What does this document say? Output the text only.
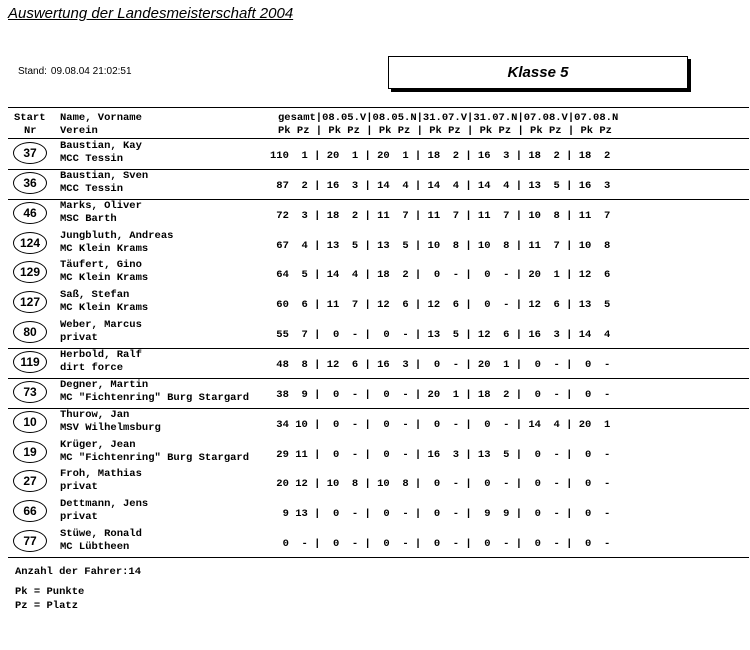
Auswertung der Landesmeisterschaft 2004
Stand: 09.08.04 21:02:51	Klasse 5
Start Name, Vorname	gesamt|08.05.V|08.05.N|31.07.V|31.07.N|07.08.V|07.08.N
Nr Verein	Pk Pz | Pk Pz | Pk Pz | Pk Pz | Pk Pz | Pk Pz | Pk Pz
37	Baustian, Kay
MCC Tessin	110  1 | 20  1 | 20  1 | 18  2 | 16  3 | 18  2 | 18  2
36	Baustian, Sven
MCC Tessin	87  2 | 16  3 | 14  4 | 14  4 | 14  4 | 13  5 | 16  3
46	Marks, Oliver
MSC Barth	72  3 | 18  2 | 11  7 | 11  7 | 11  7 | 10  8 | 11  7
124	Jungbluth, Andreas
MC Klein Krams	67  4 | 13  5 | 13  5 | 10  8 | 10  8 | 11  7 | 10  8
129	Täufert, Gino
MC Klein Krams	64  5 | 14  4 | 18  2 |  0  - |  0  - | 20  1 | 12  6
127	Saß, Stefan
MC Klein Krams	60  6 | 11  7 | 12  6 | 12  6 |  0  - | 12  6 | 13  5
80	Weber, Marcus
privat	55  7 |  0  - |  0  - | 13  5 | 12  6 | 16  3 | 14  4
119	Herbold, Ralf
dirt force	48  8 | 12  6 | 16  3 |  0  - | 20  1 |  0  - |  0  -
73	Degner, Martin
MC "Fichtenring" Burg Stargard 38  9 |  0  - |  0  - | 20  1 | 18  2 |  0  - |  0  -
10	Thurow, Jan
MSV Wilhelmsburg	34 10 |  0  - |  0  - |  0  - |  0  - | 14  4 | 20  1
19	Krüger, Jean
MC "Fichtenring" Burg Stargard 29 11 |  0  - |  0  - | 16  3 | 13  5 |  0  - |  0  -
27	Froh, Mathias
privat	20 12 | 10  8 | 10  8 |  0  - |  0  - |  0  - |  0  -
66	Dettmann, Jens
privat	9 13 |  0  - |  0  - |  0  - |  9  9 |  0  - |  0  -
77	Stüwe, Ronald
MC Lübtheen	0  - |  0  - |  0  - |  0  - |  0  - |  0  - |  0  -
Anzahl der Fahrer:14
Pk = Punkte
Pz = Platz
